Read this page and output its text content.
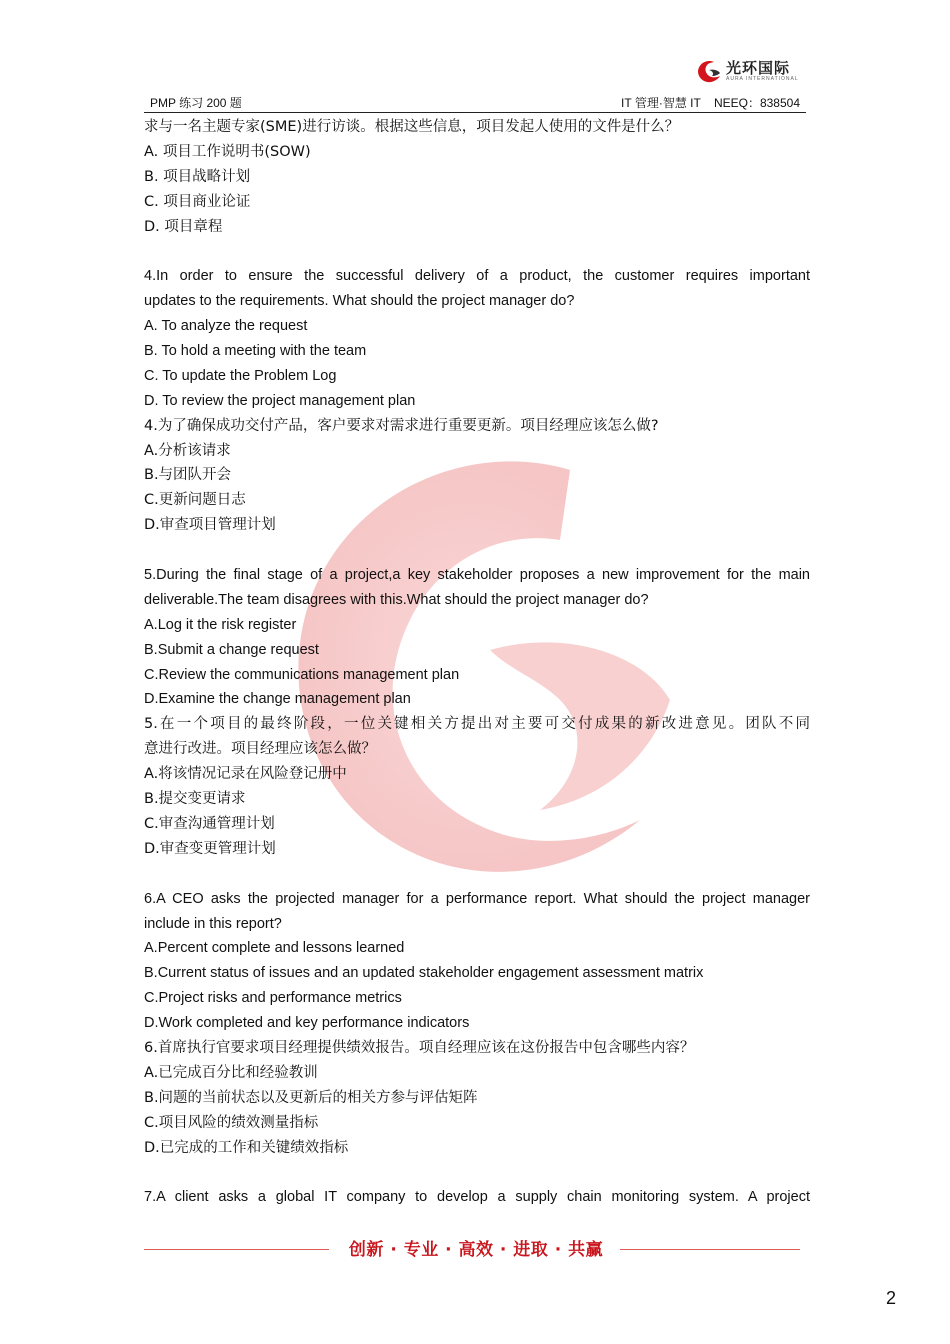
光环国际
AURA INTERNATIONAL
PMP 练习 200 题	IT 管理·智慧 IT    NEEQ：838504
求与一名主题专家(SME)进行访谈。根据这些信息，项目发起人使用的文件是什么？
A. 项目工作说明书(SOW)
B. 项目战略计划
C. 项目商业论证
D. 项目章程
4.In order to ensure the successful delivery of a product, the customer requires important
updates to the requirements. What should the project manager do?
A. To analyze the request
B. To hold a meeting with the team
C. To update the Problem Log
D. To review the project management plan
4.为了确保成功交付产品，客户要求对需求进行重要更新。项目经理应该怎么做?
A.分析该请求
B.与团队开会
C.更新问题日志
D.审查项目管理计划
5.During the final stage of a project,a key stakeholder proposes a new improvement for the main
deliverable.The team disagrees with this.What should the project manager do?
A.Log it the risk register
B.Submit a change request
C.Review the communications management plan
D.Examine the change management plan
5.在一个项目的最终阶段，一位关键相关方提出对主要可交付成果的新改进意见。团队不同
意进行改进。项目经理应该怎么做？
A.将该情况记录在风险登记册中
B.提交变更请求
C.审查沟通管理计划
D.审查变更管理计划
6.A CEO asks the projected manager for a performance report. What should the project manager
include in this report?
A.Percent complete and lessons learned
B.Current status of issues and an updated stakeholder engagement assessment matrix
C.Project risks and performance metrics
D.Work completed and key performance indicators
6.首席执行官要求项目经理提供绩效报告。项自经理应该在这份报告中包含哪些内容？
A.已完成百分比和经验教训
B.问题的当前状态以及更新后的相关方参与评估矩阵
C.项目风险的绩效测量指标
D.已完成的工作和关键绩效指标
7.A client asks a global IT company to develop a supply chain monitoring system. A project
创新 · 专业 · 高效 · 进取 · 共赢
2
